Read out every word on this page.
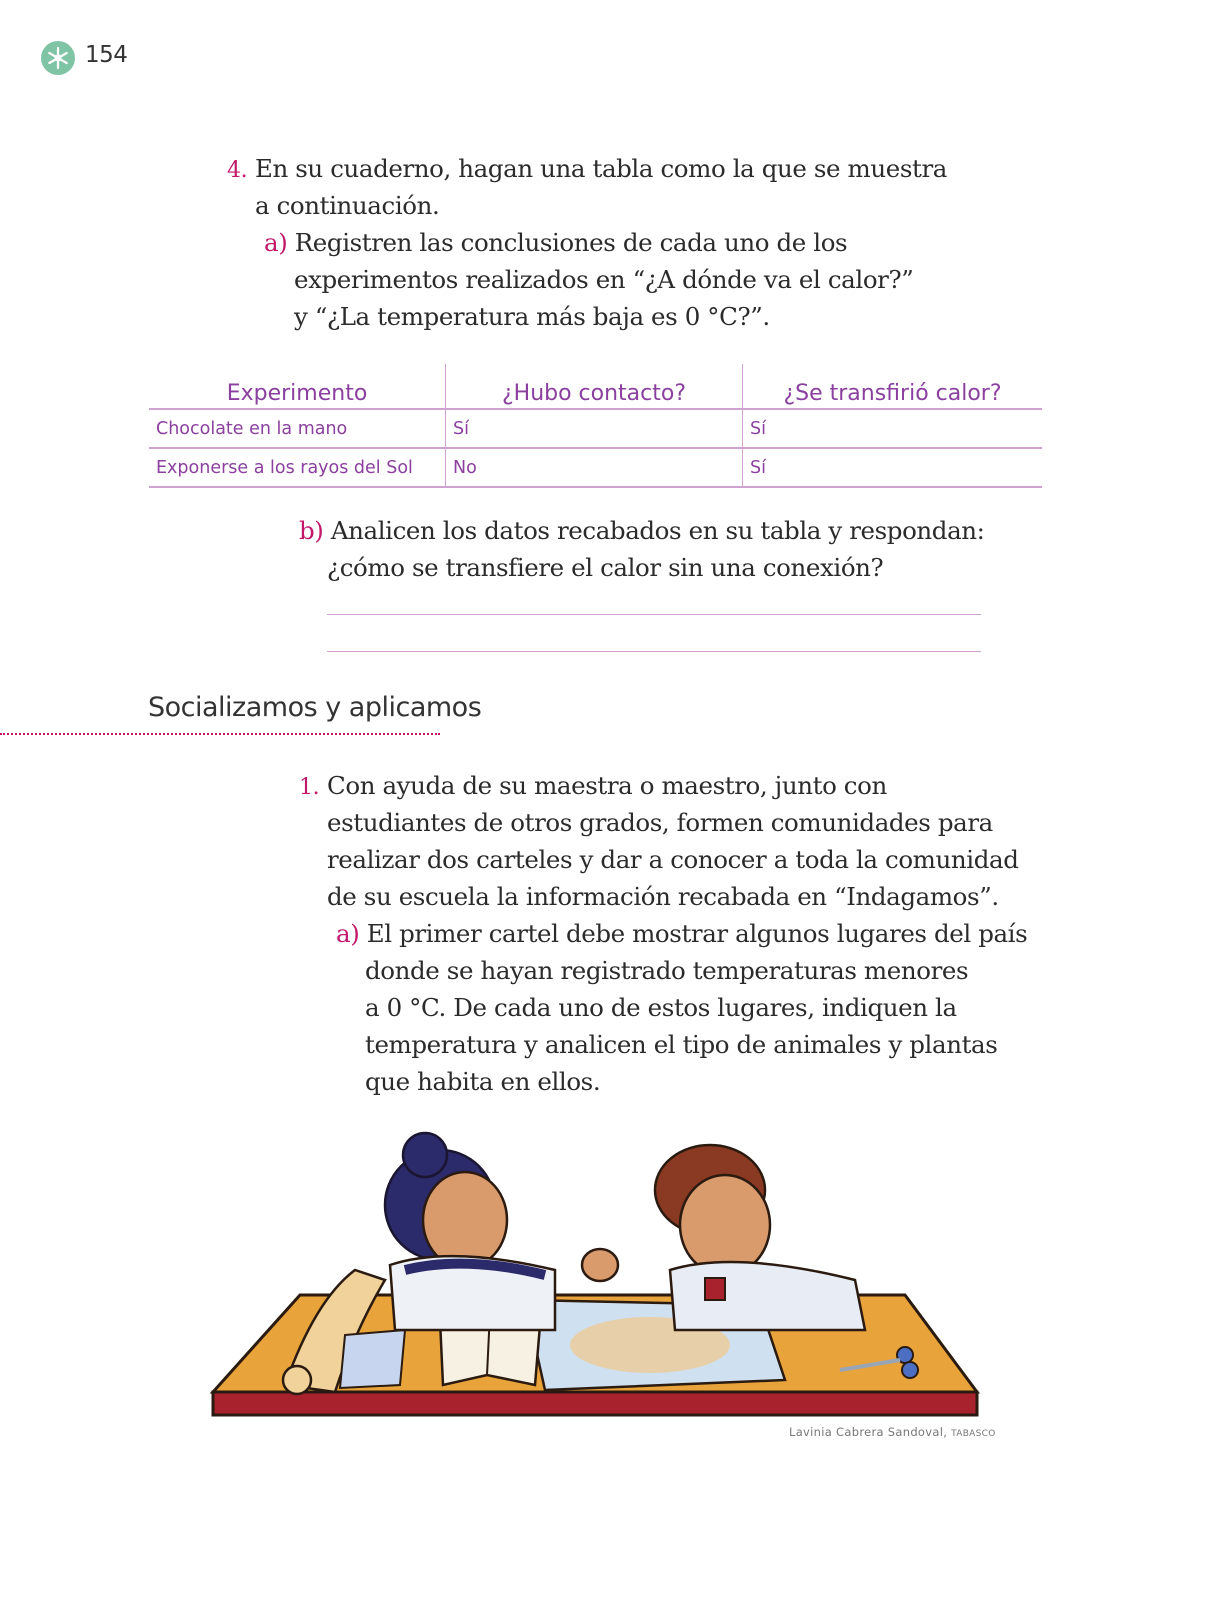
154
4. En su cuaderno, hagan una tabla como la que se muestra
a continuación.
a) Registren las conclusiones de cada uno de los
experimentos realizados en “¿A dónde va el calor?”
y “¿La temperatura más baja es 0 °C?”.
Experimento	¿Hubo contacto?	¿Se transfirió calor?
Chocolate en la mano	Sí	Sí
Exponerse a los rayos del Sol	No	Sí
b) Analicen los datos recabados en su tabla y respondan:
¿cómo se transfiere el calor sin una conexión?
Socializamos y aplicamos
1. Con ayuda de su maestra o maestro, junto con
estudiantes de otros grados, formen comunidades para
realizar dos carteles y dar a conocer a toda la comunidad
de su escuela la información recabada en “Indagamos”.
a) El primer cartel debe mostrar algunos lugares del país
donde se hayan registrado temperaturas menores
a 0 °C. De cada uno de estos lugares, indiquen la
temperatura y analicen el tipo de animales y plantas
que habita en ellos.
Lavinia Cabrera Sandoval, TABASCO
